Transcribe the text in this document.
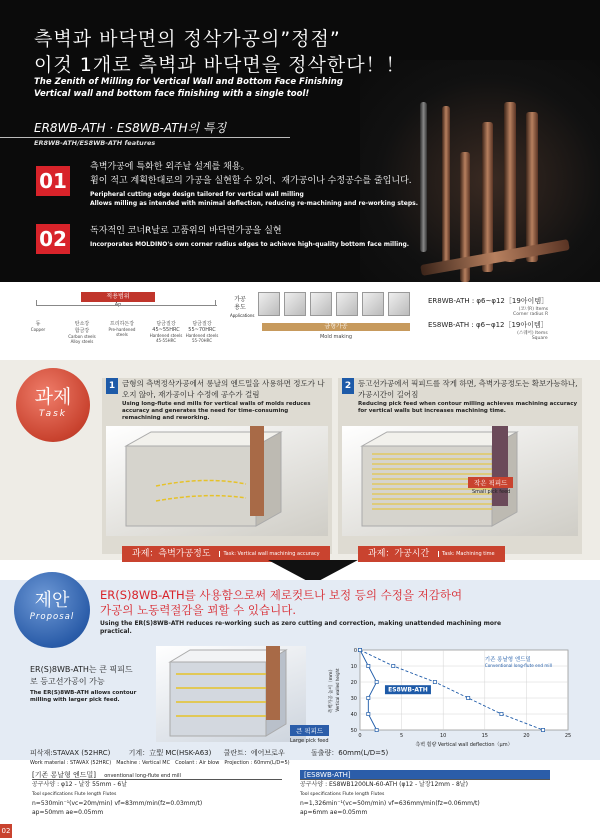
측벽과 바닥면의 정삭가공의”정점”
이것 1개로 측벽과 바닥면을 정삭한다！！
The Zenith of Milling for Vertical Wall and Bottom Face Finishing
Vertical wall and bottom face finishing with a single tool!
ER8WB-ATH · ES8WB-ATH의 특징
ER8WB-ATH/ES8WB-ATH features
01
측벽가공에 특화한 외주날 설계를 채용。
휨이 적고 계획한대로의 가공을 실현할 수 있어、재가공이나 수정공수를 줄입니다.
Peripheral cutting edge design tailored for vertical wall milling
Allows milling as intended with minimal deflection, reducing re-machining and re-working steps.
02	독자적인 코너R날로 고품위의 바닥면가공을 실현
Incorporates MOLDINO's own corner radius edges to achieve high-quality bottom face milling.
적용범위
동
Copper
탄소강
합금강
Carbon steels
Alloy steels
프리하든강
Pre-hardened
steels
담금질강
45~55HRC
Hardened steels
45-55HRC
담금질강
55~70HRC
Hardened steels
55-70HRC
가공
용도
Applications
금형가공
Mold making
ER8WB-ATH : φ6~φ12［19아이템］
(코너R) Items
Corner radius R
ES8WB-ATH : φ6~φ12［19아이템］
(스퀘어) Items
Square
과제
Task
1 금형의 측벽정삭가공에서 롱날의 엔드밀을 사용하면 정도가 나오지 않아, 재가공이나 수정에 공수가 걸림
Using long-flute end mills for vertical walls of molds reduces accuracy and generates the need for time-consuming remachining and reworking.
과제：측벽가공정도	Task: Vertical wall machining accuracy
2 등고선가공에서 픽피드를 작게 하면, 측벽가공정도는 확보가능하나, 가공시간이 길어짐
Reducing pick feed when contour milling achieves machining accuracy for vertical walls but increases machining time.
작은 픽피드
Small pick feed
과제：가공시간	Task: Machining time
제안
Proposal
ER(S)8WB-ATH를 사용함으로써 제로컷트나 보정 등의 수정을 저감하여
가공의 노동력절감을 꾀할 수 있습니다.
Using the ER(S)8WB-ATH reduces re-working such as zero cutting and correction, making unattended machining more practical.
ER(S)8WB-ATH는 큰 픽피드로 등고선가공이 가능
The ER(S)8WB-ATH allows contour milling with larger pick feed.
큰 픽피드
Large pick feed
0	5	10	15	20	25
0
10
20
30
40
50
기존 롱날형 엔드밀
Conventional long-flute end mill
ES8WB-ATH
측벽 휨량 Vertical wall deflection（μm）
측벽가공 높이（mm） Vertical walled height
피삭재:STAVAX (52HRC)	기계：立型 MC(HSK-A63) 쿨란트：에어브로우	돌출량：60mm(L/D=5)
Work material : STAVAX (52HRC)　Machine : Vertical MC　Coolant : Air blow　Projection : 60mm(L/D=5)
[기존 롱날형 엔드밀] onventional long-flute end mill
공구사양 : φ12 - 날장 55mm - 6날
Tool specifications Flute length Flutes
n=530min⁻¹(vc=20m/min) vf=83mm/min(fz=0.03mm/t)
ap=50mm ae=0.05mm
[ES8WB-ATH]
공구사양 : ES8WB1200LN-60-ATH (φ12 - 날장12mm - 8날)
Tool specifications Flute length Flutes
n=1,326min⁻¹(vc=50m/min) vf=636mm/min(fz=0.06mm/t)
ap=6mm ae=0.05mm
02
